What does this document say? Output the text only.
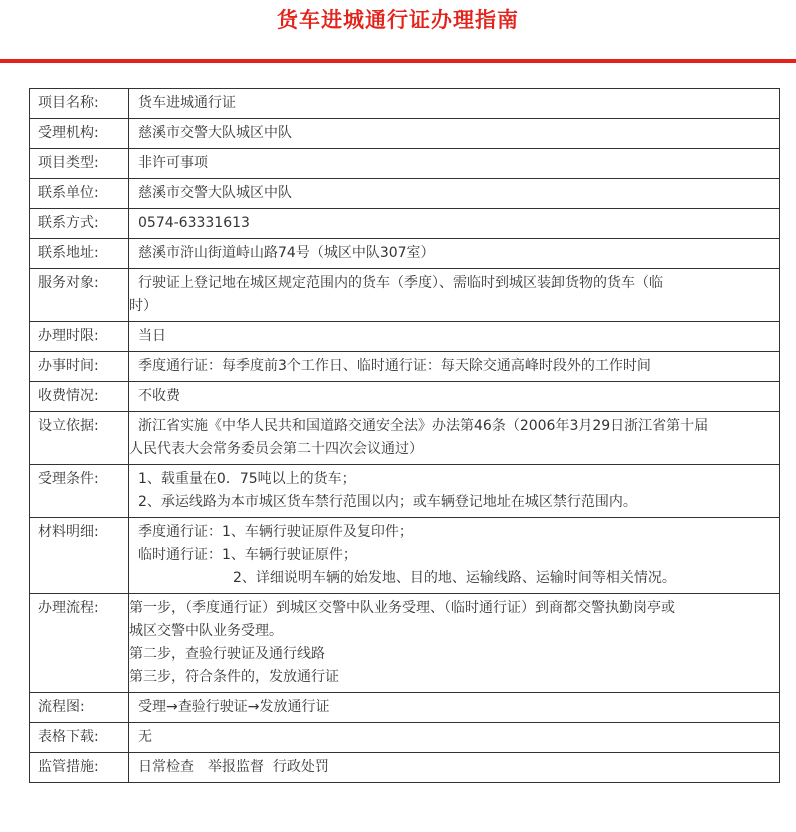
货车进城通行证办理指南
项目名称:	货车进城通行证

受理机构:	慈溪市交警大队城区中队

项目类型:	非许可事项

联系单位:	慈溪市交警大队城区中队

联系方式:	0574-63331613

联系地址:	慈溪市浒山街道峙山路74号（城区中队307室）

服务对象:	行驶证上登记地在城区规定范围内的货车（季度）、需临时到城区装卸货物的货车（临
时）

办理时限:	当日

办事时间:	季度通行证：每季度前3个工作日、临时通行证：每天除交通高峰时段外的工作时间

收费情况:	不收费

设立依据:	浙江省实施《中华人民共和国道路交通安全法》办法第46条（2006年3月29日浙江省第十届
人民代表大会常务委员会第二十四次会议通过）

受理条件:	1、载重量在0．75吨以上的货车；
2、承运线路为本市城区货车禁行范围以内；或车辆登记地址在城区禁行范围内。

材料明细:	季度通行证：1、车辆行驶证原件及复印件；
临时通行证：1、车辆行驶证原件；
2、详细说明车辆的始发地、目的地、运输线路、运输时间等相关情况。

办理流程:	第一步，（季度通行证）到城区交警中队业务受理、（临时通行证）到商都交警执勤岗亭或
城区交警中队业务受理。
第二步，查验行驶证及通行线路
第三步，符合条件的，发放通行证

流程图:	受理→查验行驶证→发放通行证

表格下载:	无

监管措施:	日常检查　举报监督  行政处罚
